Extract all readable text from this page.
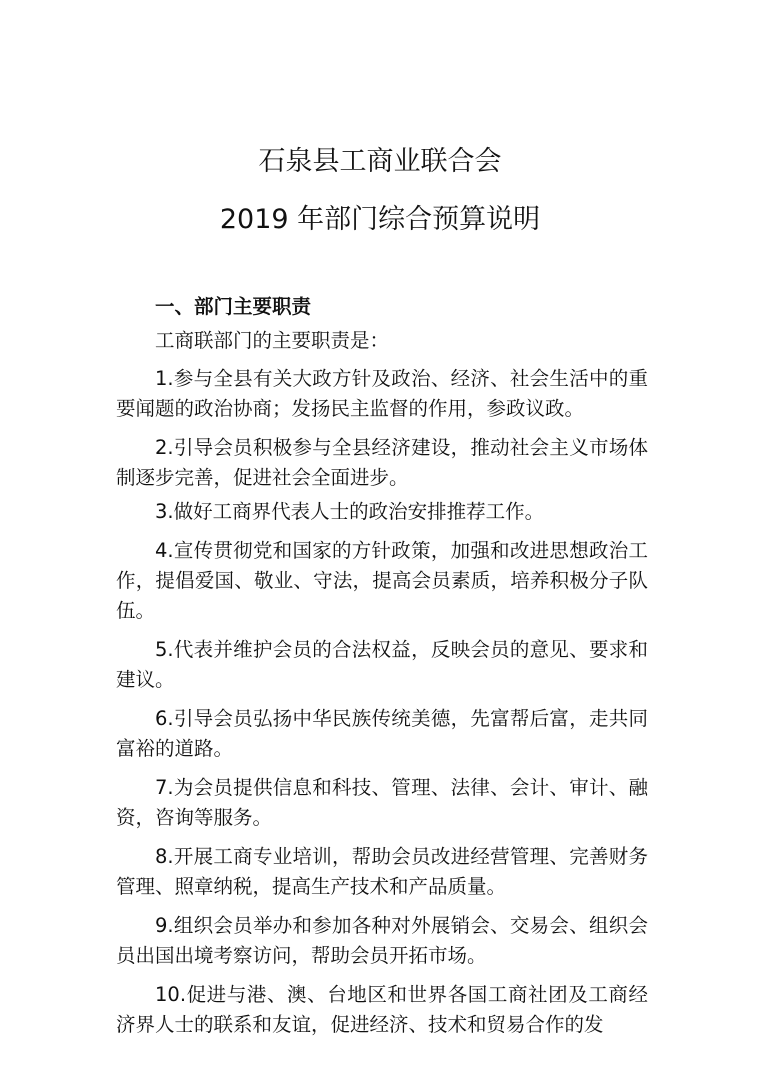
石泉县工商业联合会
2019 年部门综合预算说明
一、部门主要职责

工商联部门的主要职责是：

1.参与全县有关大政方针及政治、经济、社会生活中的重要闻题的政治协商；发扬民主监督的作用，参政议政。

2.引导会员积极参与全县经济建设，推动社会主义市场体制逐步完善，促进社会全面进步。

3.做好工商界代表人士的政治安排推荐工作。

4.宣传贯彻党和国家的方针政策，加强和改进思想政治工作，提倡爱国、敬业、守法，提高会员素质，培养积极分子队伍。

5.代表并维护会员的合法权益，反映会员的意见、要求和建议。

6.引导会员弘扬中华民族传统美德，先富帮后富，走共同富裕的道路。

7.为会员提供信息和科技、管理、法律、会计、审计、融资，咨询等服务。

8.开展工商专业培训，帮助会员改进经营管理、完善财务管理、照章纳税，提高生产技术和产品质量。

9.组织会员举办和参加各种对外展销会、交易会、组织会员出国出境考察访问，帮助会员开拓市场。

10.促进与港、澳、台地区和世界各国工商社团及工商经济界人士的联系和友谊，促进经济、技术和贸易合作的发
